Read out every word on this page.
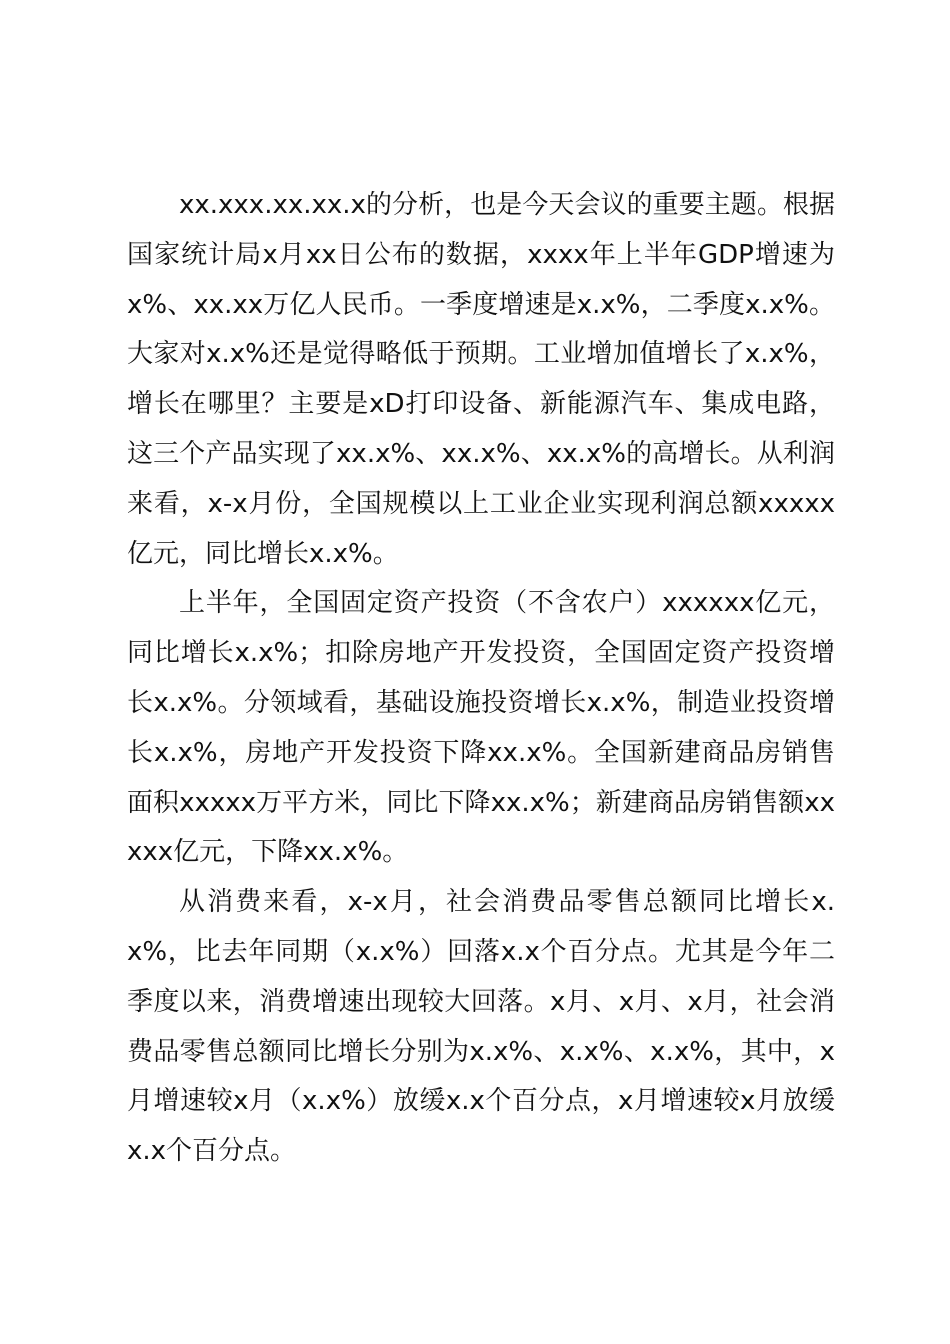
xx.xxx.xx.xx.x的分析，也是今天会议的重要主题。根据国家统计局x月xx日公布的数据，xxxx年上半年GDP增速为x%、xx.xx万亿人民币。一季度增速是x.x%，二季度x.x%。大家对x.x%还是觉得略低于预期。工业增加值增长了x.x%，增长在哪里？主要是xD打印设备、新能源汽车、集成电路，这三个产品实现了xx.x%、xx.x%、xx.x%的高增长。从利润来看，x-x月份，全国规模以上工业企业实现利润总额xxxxx亿元，同比增长x.x%。

上半年，全国固定资产投资（不含农户）xxxxxx亿元，同比增长x.x%；扣除房地产开发投资，全国固定资产投资增长x.x%。分领域看，基础设施投资增长x.x%，制造业投资增长x.x%，房地产开发投资下降xx.x%。全国新建商品房销售面积xxxxx万平方米，同比下降xx.x%；新建商品房销售额xxxxx亿元，下降xx.x%。

从消费来看，x-x月，社会消费品零售总额同比增长x.x%，比去年同期（x.x%）回落x.x个百分点。尤其是今年二季度以来，消费增速出现较大回落。x月、x月、x月，社会消费品零售总额同比增长分别为x.x%、x.x%、x.x%，其中，x月增速较x月（x.x%）放缓x.x个百分点，x月增速较x月放缓x.x个百分点。
